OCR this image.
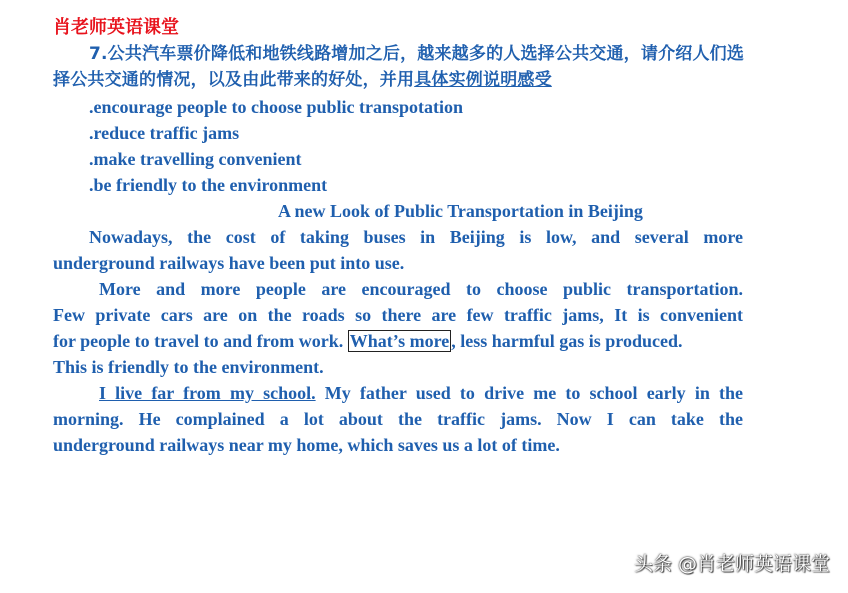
肖老师英语课堂
7.公共汽车票价降低和地铁线路增加之后，越来越多的人选择公共交通，请介绍人们选择公共交通的情况，以及由此带来的好处，并用具体实例说明感受
.encourage people to choose public transpotation
.reduce traffic jams
.make travelling convenient
.be friendly to the environment
A new Look of Public Transportation in Beijing
Nowadays, the cost of taking buses in Beijing is low, and several more
underground railways have been put into use.
More and more people are encouraged to choose public transportation.
Few private cars are on the roads so there are few traffic jams, It is convenient
for people to travel to and from work. What’s more , less harmful gas is produced.
This is friendly to the environment.
I live far from my school. My father used to drive me to school early in the
morning. He complained a lot about the traffic jams. Now I can take the
underground railways near my home, which saves us a lot of time.
头条 @肖老师英语课堂
